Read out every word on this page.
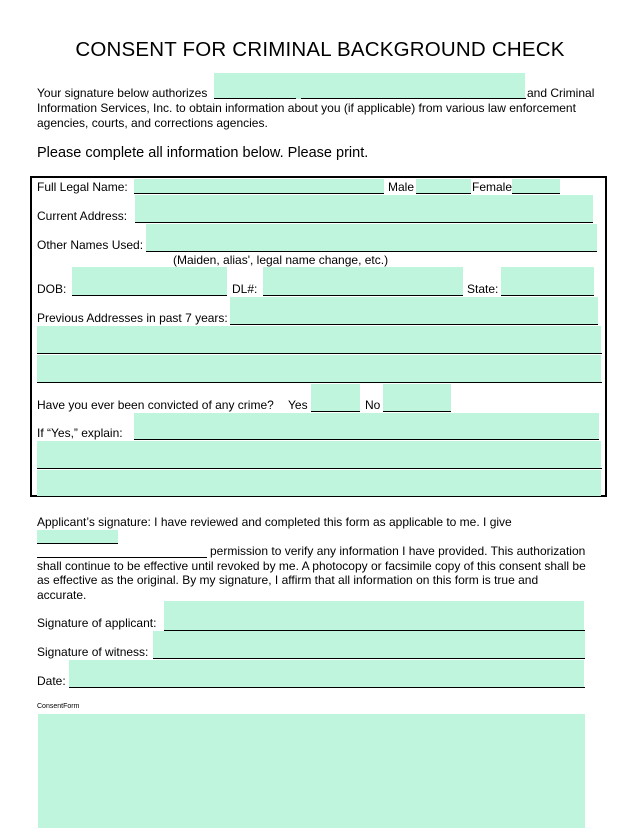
CONSENT FOR CRIMINAL BACKGROUND CHECK
Your signature below authorizes	and Criminal
Information Services, Inc. to obtain information about you (if applicable) from various law enforcement
agencies, courts, and corrections agencies.
Please complete all information below. Please print.
Full Legal Name:	Male	Female
Current Address:
Other Names Used:
(Maiden, alias', legal name change, etc.)
DOB:	DL#:	State:
Previous Addresses in past 7 years:
Have you ever been convicted of any crime? Yes	No
If “Yes,” explain:
Applicant’s signature: I have reviewed and completed this form as applicable to me. I give
permission to verify any information I have provided. This authorization
shall continue to be effective until revoked by me. A photocopy or facsimile copy of this consent shall be
as effective as the original. By my signature, I affirm that all information on this form is true and
accurate.
Signature of applicant:
Signature of witness:
Date:
ConsentForm
